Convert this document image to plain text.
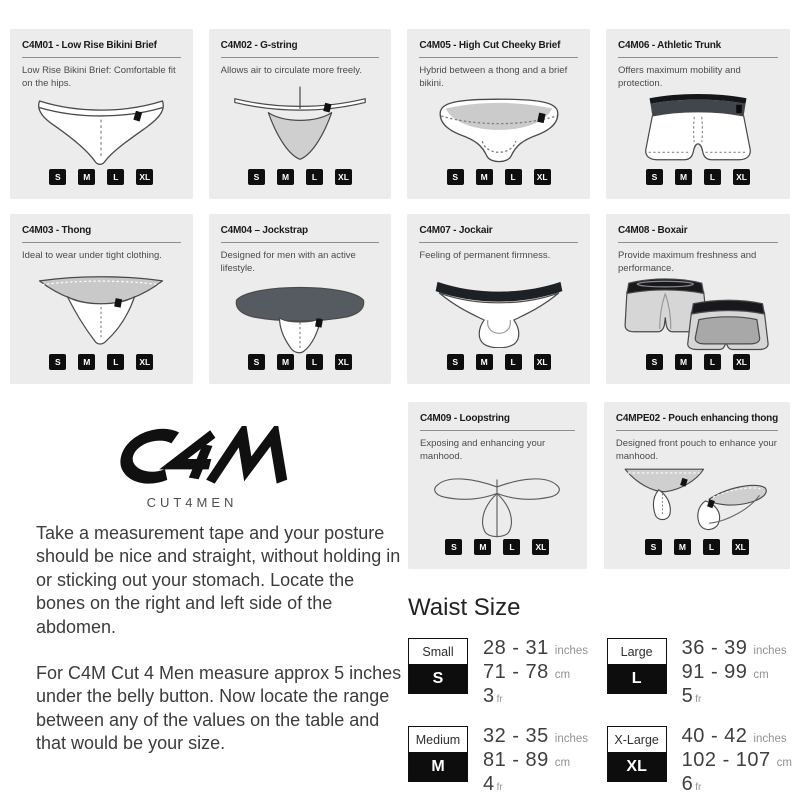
C4M01 - Low Rise Bikini Brief

Low Rise Bikini Brief: Comfortable fit on the hips.

S	M	L	XL
C4M02 - G-string

Allows air to circulate more freely.

S	M	L	XL
C4M05 - High Cut Cheeky Brief

Hybrid between a thong and a brief bikini.

S	M	L	XL
C4M06 - Athletic Trunk

Offers maximum mobility and protection.

S	M	L	XL
C4M03 - Thong

Ideal to wear under tight clothing.

S	M	L	XL
C4M04 – Jockstrap

Designed for men with an active lifestyle.

S	M	L	XL
C4M07 - Jockair

Feeling of permanent firmness.

S	M	L	XL
C4M08 - Boxair

Provide maximum freshness and performance.

S	M	L	XL
C4M09 - Loopstring

Exposing and enhancing your manhood.

S	M	L	XL
C4MPE02 - Pouch enhancing thong

Designed front pouch to enhance your manhood.

S	M	L	XL
CUT4MEN

Take a measurement tape and your posture should be nice and straight, without holding in or sticking out your stomach. Locate the bones on the right and left side of the abdomen.

For C4M Cut 4 Men measure approx 5 inches under the belly button. Now locate the range between any of the values on the table and that would be your size.

Waist Size
Small
S
28 - 31 inches
71 - 78 cm
3 fr
Large
L
36 - 39 inches
91 - 99 cm
5 fr
Medium
M
32 - 35 inches
81 - 89 cm
4 fr
X-Large
XL
40 - 42 inches
102 - 107 cm
6 fr
